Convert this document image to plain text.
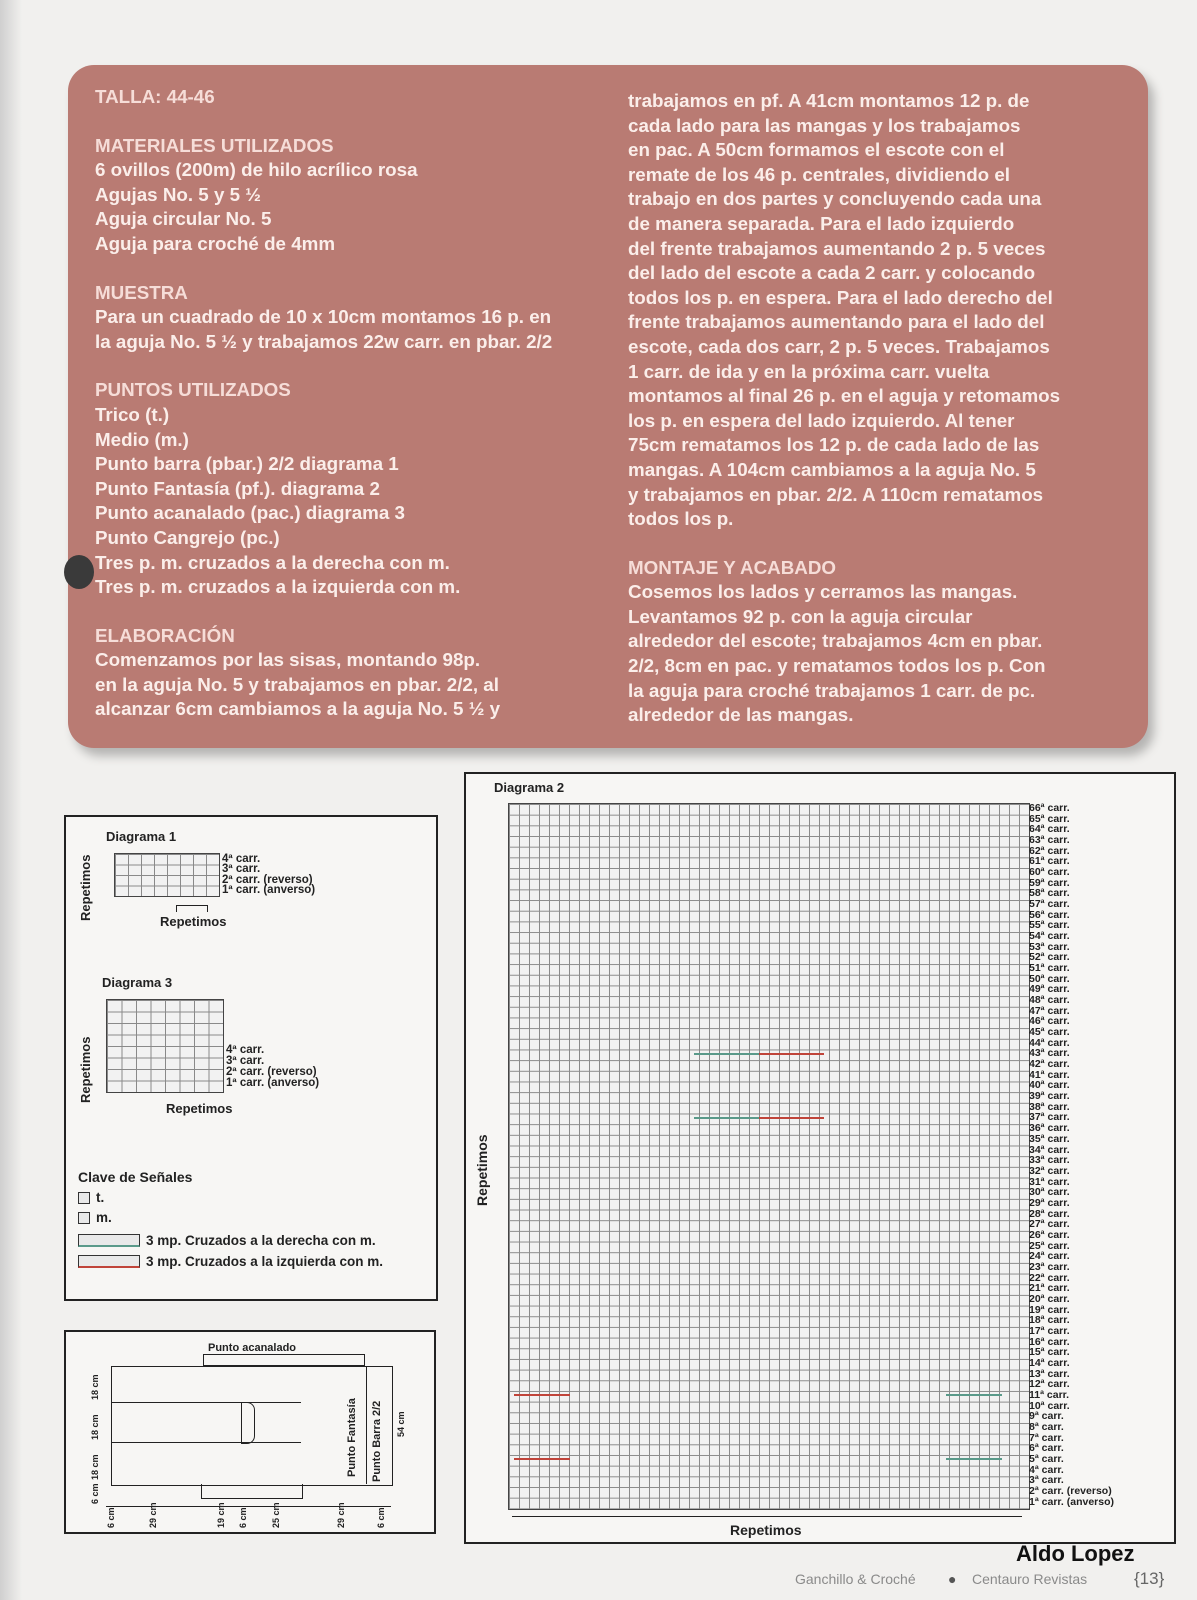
TALLA: 44-46

MATERIALES UTILIZADOS

6 ovillos (200m) de hilo acrílico rosa

Agujas No. 5 y 5 ½

Aguja circular No. 5

Aguja para croché de 4mm

MUESTRA

Para un cuadrado de 10 x 10cm montamos 16 p. en

la aguja No. 5 ½ y trabajamos 22w carr. en pbar. 2/2

PUNTOS UTILIZADOS

Trico (t.)

Medio (m.)

Punto barra (pbar.) 2/2 diagrama 1

Punto Fantasía (pf.). diagrama 2

Punto acanalado (pac.) diagrama 3

Punto Cangrejo (pc.)

Tres p. m. cruzados a la derecha con m.

Tres p. m. cruzados a la izquierda con m.

ELABORACIÓN

Comenzamos por las sisas, montando 98p.

en la aguja No. 5 y trabajamos en pbar. 2/2, al

alcanzar 6cm cambiamos a la aguja No. 5 ½ y

trabajamos en pf. A 41cm montamos 12 p. de

cada lado para las mangas y los trabajamos

en pac. A 50cm formamos el escote con el

remate de los 46 p. centrales, dividiendo el

trabajo en dos partes y concluyendo cada una

de manera separada. Para el lado izquierdo

del frente trabajamos aumentando 2 p. 5 veces

del lado del escote a cada 2 carr. y colocando

todos los p. en espera. Para el lado derecho del

frente trabajamos aumentando para el lado del

escote, cada dos carr, 2 p. 5 veces. Trabajamos

1 carr. de ida y en la próxima carr. vuelta

montamos al final 26 p. en el aguja y retomamos

los p. en espera del lado izquierdo. Al tener

75cm rematamos los 12 p. de cada lado de las

mangas. A 104cm cambiamos a la aguja No. 5

y trabajamos en pbar. 2/2. A 110cm rematamos

todos los p.

MONTAJE Y ACABADO

Cosemos los lados y cerramos las mangas.

Levantamos 92 p. con la aguja circular

alrededor del escote; trabajamos 4cm en pbar.

2/2, 8cm en pac. y rematamos todos los p. Con

la aguja para croché trabajamos 1 carr. de pc.

alrededor de las mangas.

Diagrama 1
4ª carr.
3ª carr.
2ª carr. (reverso)
1ª carr. (anverso)
Repetimos
Repetimos
Diagrama 3
4ª carr.
3ª carr.
2ª carr. (reverso)
1ª carr. (anverso)
Repetimos
Repetimos
Clave de Señales
t.
m.
3 mp. Cruzados a la derecha con m.
3 mp. Cruzados a la izquierda con m.
Punto acanalado
Punto Fantasía Punto Barra 2/2 54 cm
18 cm
18 cm
18 cm
6 cm
6 cm	29 cm	19 cm 6 cm	25 cm	29 cm	6 cm
Diagrama 2
Repetimos
Repetimos
66ª carr.
65ª carr.
64ª carr.
63ª carr.
62ª carr.
61ª carr.
60ª carr.
59ª carr.
58ª carr.
57ª carr.
56ª carr.
55ª carr.
54ª carr.
53ª carr.
52ª carr.
51ª carr.
50ª carr.
49ª carr.
48ª carr.
47ª carr.
46ª carr.
45ª carr.
44ª carr.
43ª carr.
42ª carr.
41ª carr.
40ª carr.
39ª carr.
38ª carr.
37ª carr.
36ª carr.
35ª carr.
34ª carr.
33ª carr.
32ª carr.
31ª carr.
30ª carr.
29ª carr.
28ª carr.
27ª carr.
26ª carr.
25ª carr.
24ª carr.
23ª carr.
22ª carr.
21ª carr.
20ª carr.
19ª carr.
18ª carr.
17ª carr.
16ª carr.
15ª carr.
14ª carr.
13ª carr.
12ª carr.
11ª carr.
10ª carr.
9ª carr.
8ª carr.
7ª carr.
6ª carr.
5ª carr.
4ª carr.
3ª carr.
2ª carr. (reverso)
1ª carr. (anverso)
Ganchillo & Croché ● Centauro Revistas	{13}
Aldo Lopez
